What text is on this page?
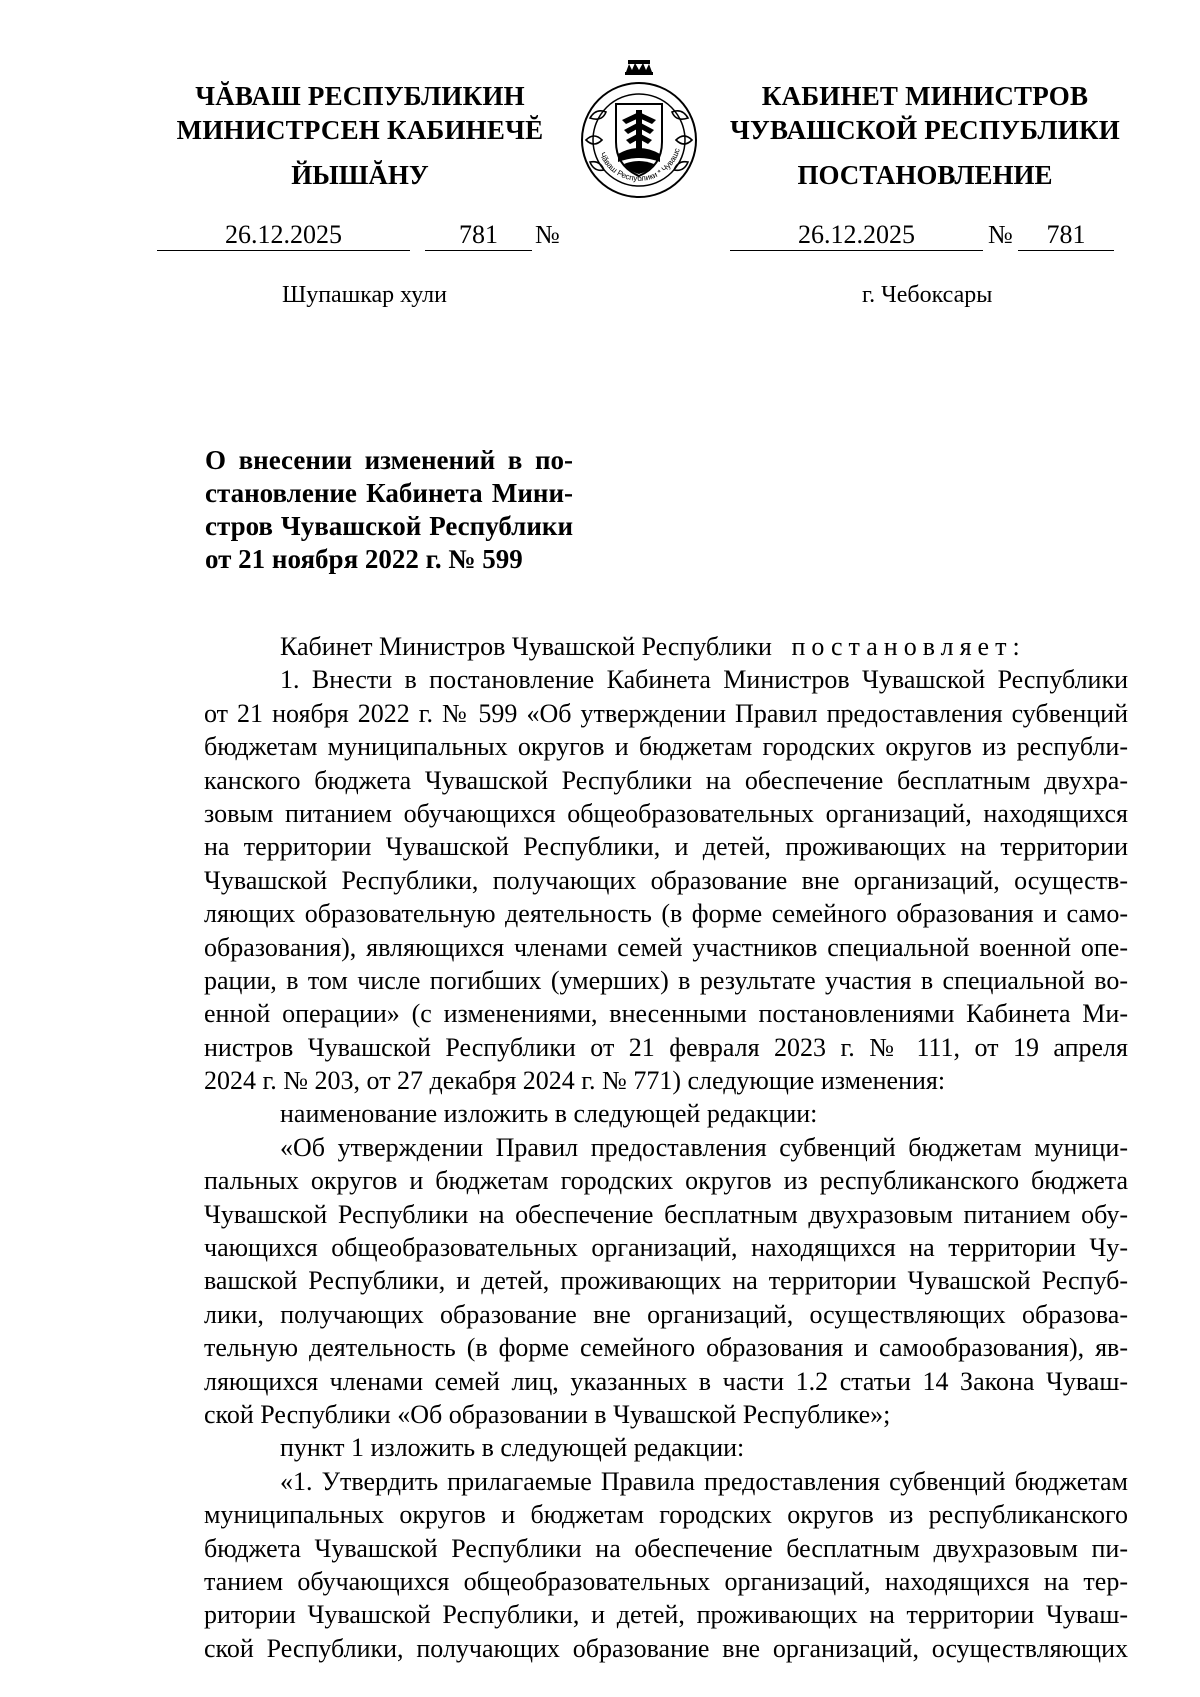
ЧĂВАШ РЕСПУБЛИКИН
МИНИСТРСЕН КАБИНЕЧĔ
ЙЫШĂНУ
Чăваш Республики * Чувашс
КАБИНЕТ МИНИСТРОВ
ЧУВАШСКОЙ РЕСПУБЛИКИ
ПОСТАНОВЛЕНИЕ
26.12.2025	781	№	26.12.2025	№	781
Шупашкар хули	г. Чебоксары
О внесении изменений в по-
становление Кабинета Мини-
стров Чувашской Республики
от 21 ноября 2022 г. № 599
Кабинет Министров Чувашской Республики постановляет:
1. Внести в постановление Кабинета Министров Чувашской Республики
от 21 ноября 2022 г. № 599 «Об утверждении Правил предоставления субвенций
бюджетам муниципальных округов и бюджетам городских округов из республи-
канского бюджета Чувашской Республики на обеспечение бесплатным двухра-
зовым питанием обучающихся общеобразовательных организаций, находящихся
на территории Чувашской Республики, и детей, проживающих на территории
Чувашской Республики, получающих образование вне организаций, осуществ-
ляющих образовательную деятельность (в форме семейного образования и само-
образования), являющихся членами семей участников специальной военной опе-
рации, в том числе погибших (умерших) в результате участия в специальной во-
енной операции» (с изменениями, внесенными постановлениями Кабинета Ми-
нистров Чувашской Республики от 21 февраля 2023 г. № 111, от 19 апреля
2024 г. № 203, от 27 декабря 2024 г. № 771) следующие изменения:
наименование изложить в следующей редакции:
«Об утверждении Правил предоставления субвенций бюджетам муници-
пальных округов и бюджетам городских округов из республиканского бюджета
Чувашской Республики на обеспечение бесплатным двухразовым питанием обу-
чающихся общеобразовательных организаций, находящихся на территории Чу-
вашской Республики, и детей, проживающих на территории Чувашской Респуб-
лики, получающих образование вне организаций, осуществляющих образова-
тельную деятельность (в форме семейного образования и самообразования), яв-
ляющихся членами семей лиц, указанных в части 1.2 статьи 14 Закона Чуваш-
ской Республики «Об образовании в Чувашской Республике»;
пункт 1 изложить в следующей редакции:
«1. Утвердить прилагаемые Правила предоставления субвенций бюджетам
муниципальных округов и бюджетам городских округов из республиканского
бюджета Чувашской Республики на обеспечение бесплатным двухразовым пи-
танием обучающихся общеобразовательных организаций, находящихся на тер-
ритории Чувашской Республики, и детей, проживающих на территории Чуваш-
ской Республики, получающих образование вне организаций, осуществляющих
